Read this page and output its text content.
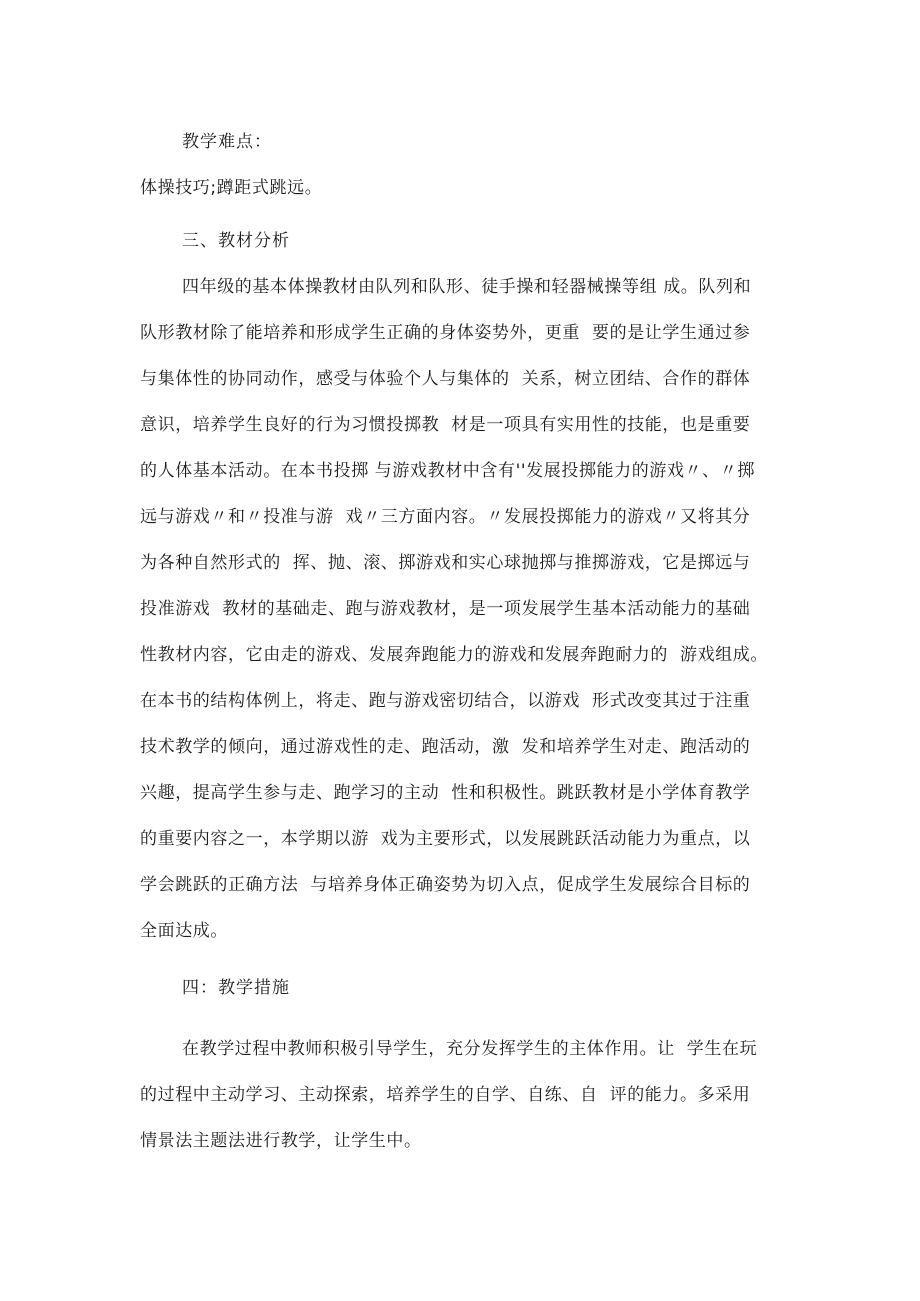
教学难点：
体操技巧;蹲距式跳远。
三、教材分析
四年级的基本体操教材由队列和队形、徒手操和轻器械操等组 成。队列和
队形教材除了能培养和形成学生正确的身体姿势外，更重  要的是让学生通过参
与集体性的协同动作，感受与体验个人与集体的  关系，树立团结、合作的群体
意识，培养学生良好的行为习惯投掷教  材是一项具有实用性的技能，也是重要
的人体基本活动。在本书投掷 与游戏教材中含有''发展投掷能力的游戏〃、〃掷
远与游戏〃和〃投准与游  戏〃三方面内容。〃发展投掷能力的游戏〃又将其分
为各种自然形式的  挥、抛、滚、掷游戏和实心球抛掷与推掷游戏，它是掷远与
投准游戏  教材的基础走、跑与游戏教材，是一项发展学生基本活动能力的基础
性教材内容，它由走的游戏、发展奔跑能力的游戏和发展奔跑耐力的  游戏组成。
在本书的结构体例上，将走、跑与游戏密切结合，以游戏  形式改变其过于注重
技术教学的倾向，通过游戏性的走、跑活动，激  发和培养学生对走、跑活动的
兴趣，提高学生参与走、跑学习的主动  性和积极性。跳跃教材是小学体育教学
的重要内容之一，本学期以游  戏为主要形式，以发展跳跃活动能力为重点，以
学会跳跃的正确方法  与培养身体正确姿势为切入点，促成学生发展综合目标的
全面达成。
四：教学措施
在教学过程中教师积极引导学生，充分发挥学生的主体作用。让  学生在玩
的过程中主动学习、主动探索，培养学生的自学、自练、自  评的能力。多采用
情景法主题法进行教学，让学生中。
